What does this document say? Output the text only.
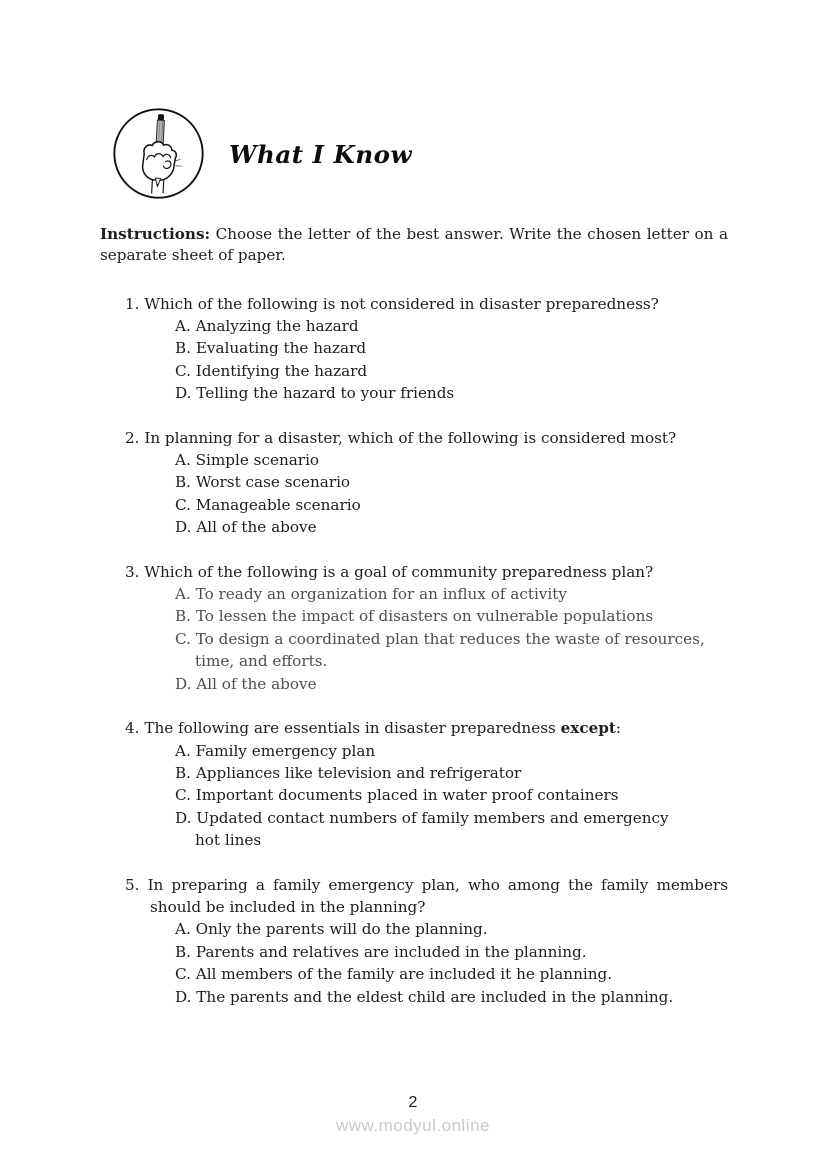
What I Know

Instructions: Choose the letter of the best answer. Write the chosen letter on a separate sheet of paper.

1. Which of the following is not considered in disaster preparedness?

A. Analyzing the hazard

B. Evaluating the hazard

C. Identifying the hazard

D. Telling the hazard to your friends

2. In planning for a disaster, which of the following is considered most?

A. Simple scenario

B. Worst case scenario

C. Manageable scenario

D. All of the above

3. Which of the following is a goal of community preparedness plan?

A. To ready an organization for an influx of activity

B. To lessen the impact of disasters on vulnerable populations

C. To design a coordinated plan that reduces the waste of resources, time, and efforts.

D. All of the above

4. The following are essentials in disaster preparedness except:

A. Family emergency plan

B. Appliances like television and refrigerator

C. Important documents placed in water proof containers

D. Updated contact numbers of family members and emergency hot lines

5. In preparing a family emergency plan, who among the family members should be included in the planning?

A. Only the parents will do the planning.

B. Parents and relatives are included in the planning.

C. All members of the family are included it he planning.

D. The parents and the eldest child are included in the planning.

2
www.modyul.online
